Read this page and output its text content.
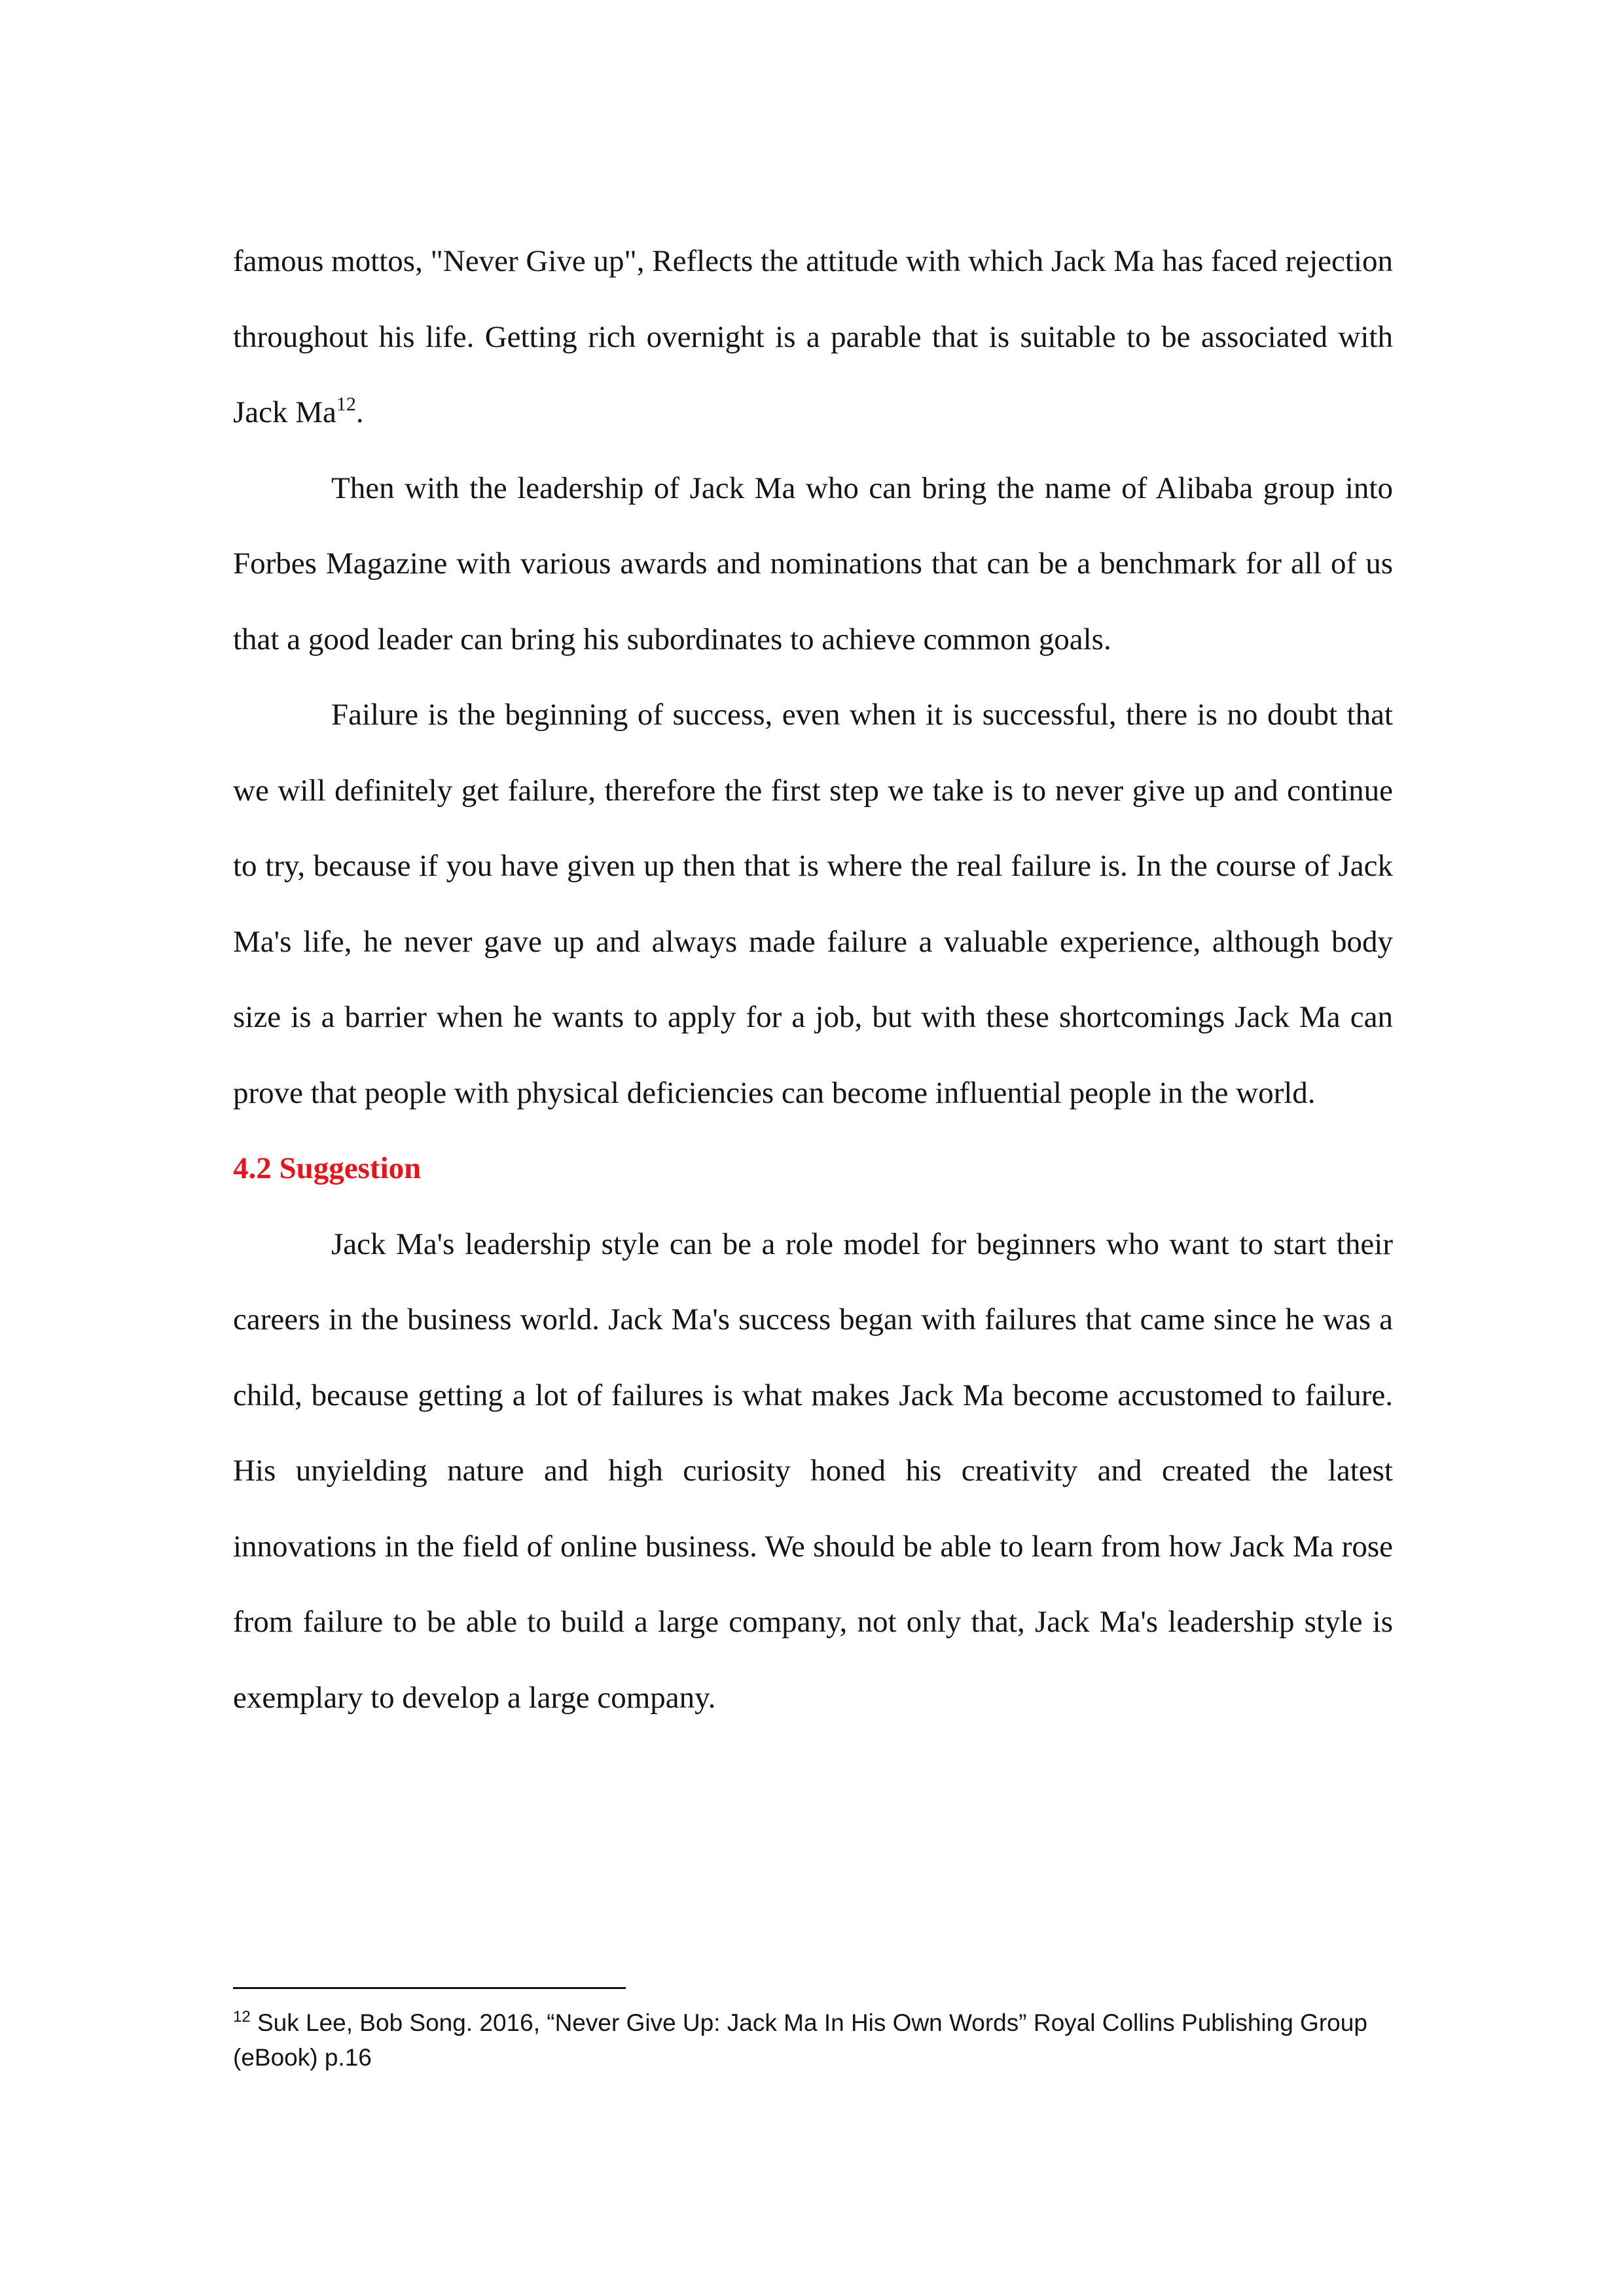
famous mottos, "Never Give up", Reflects the attitude with which Jack Ma has faced rejection throughout his life. Getting rich overnight is a parable that is suitable to be associated with Jack Ma$^{12}$.

Then with the leadership of Jack Ma who can bring the name of Alibaba group into Forbes Magazine with various awards and nominations that can be a benchmark for all of us that a good leader can bring his subordinates to achieve common goals.

Failure is the beginning of success, even when it is successful, there is no doubt that we will definitely get failure, therefore the first step we take is to never give up and continue to try, because if you have given up then that is where the real failure is. In the course of Jack Ma's life, he never gave up and always made failure a valuable experience, although body size is a barrier when he wants to apply for a job, but with these shortcomings Jack Ma can prove that people with physical deficiencies can become influential people in the world.

4.2 Suggestion

Jack Ma's leadership style can be a role model for beginners who want to start their careers in the business world. Jack Ma's success began with failures that came since he was a child, because getting a lot of failures is what makes Jack Ma become accustomed to failure. His unyielding nature and high curiosity honed his creativity and created the latest innovations in the field of online business. We should be able to learn from how Jack Ma rose from failure to be able to build a large company, not only that, Jack Ma's leadership style is exemplary to develop a large company.

$^{12}$ Suk Lee, Bob Song. 2016, “Never Give Up: Jack Ma In His Own Words” Royal Collins Publishing Group (eBook) p.16
